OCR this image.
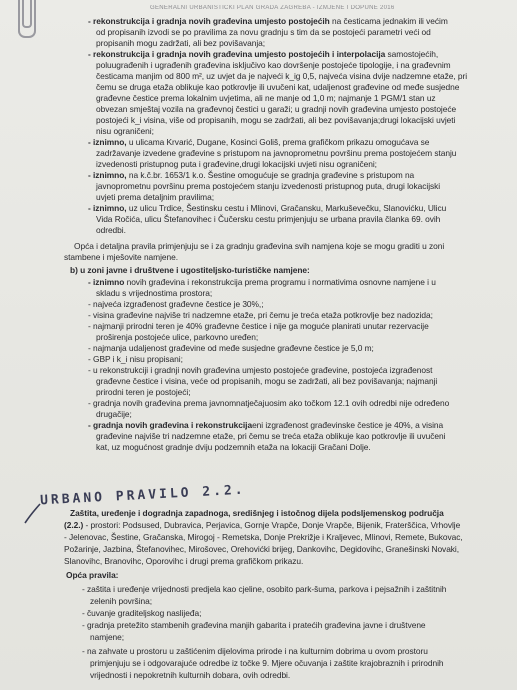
GENERALNI URBANISTIČKI PLAN GRADA ZAGREBA - IZMJENE I DOPUNE 2016
- rekonstrukcija i gradnja novih građevina umjesto postojećih na česticama jednakim ili većim
od propisanih izvodi se po pravilima za novu gradnju s tim da se postojeći parametri veći od
propisanih mogu zadržati, ali bez povišavanja;
- rekonstrukcija i gradnja novih građevina umjesto postojećih i interpolacija samostojećih,
poluugrađenih i ugrađenih građevina isključivo kao dovršenje postojeće tipologije, i na građevnim
česticama manjim od 800 m², uz uvjet da je najveći k_ig 0,5, najveća visina dvije nadzemne etaže, pri
čemu se druga etaža oblikuje kao potkrovlje ili uvučeni kat, udaljenost građevine od međe susjedne
građevne čestice prema lokalnim uvjetima, ali ne manje od 1,0 m; najmanje 1 PGM/1 stan uz
obvezan smještaj vozila na građevnoj čestici u garaži; u gradnji novih građevina umjesto postojeće
postojeći k_i visina, više od propisanih, mogu se zadržati, ali bez povišavanja;drugi lokacijski uvjeti
nisu ograničeni;
- iznimno, u ulicama Krvarić, Dugane, Kosinci Goliš, prema grafičkom prikazu omogućava se
zadržavanje izvedene građevine s pristupom na javnoprometnu površinu prema postojećem stanju
izvedenosti pristupnog puta i građevine,drugi lokacijski uvjeti nisu ograničeni;
- iznimno, na k.č.br. 1653/1 k.o. Šestine omogućuje se gradnja građevine s pristupom na
javnoprometnu površinu prema postojećem stanju izvedenosti pristupnog puta, drugi lokacijski
uvjeti prema detaljnim pravilima;
- iznimno, uz ulicu Trdice, Šestinsku cestu i Mlinovi, Gračansku, Markuševečku, Slanovićku, Ulicu
Vida Ročića, ulicu Štefanovihec i Čučersku cestu primjenjuju se urbana pravila članka 69. ovih
odredbi.
Opća i detaljna pravila primjenjuju se i za gradnju građevina svih namjena koje se mogu graditi u zoni
stambene i mješovite namjene.
b) u zoni javne i društvene i ugostiteljsko-turističke namjene:
- iznimno novih građevina i rekonstrukcija prema programu i normativima osnovne namjene i u
skladu s vrijednostima prostora;
- najveća izgrađenost građevne čestice je 30%,;
- visina građevine najviše tri nadzemne etaže, pri čemu je treća etaža potkrovlje bez nadozida;
- najmanji prirodni teren je 40% građevne čestice i nije ga moguće planirati unutar rezervacije
proširenja postojeće ulice, parkovno uređen;
- najmanja udaljenost građevine od međe susjedne građevne čestice je 5,0 m;
- GBP i k_i nisu propisani;
- u rekonstrukciji i gradnji novih građevina umjesto postojeće građevine, postojeća izgrađenost
građevne čestice i visina, veće od propisanih, mogu se zadržati, ali bez povišavanja; najmanji
prirodni teren je postojeći;
- gradnja novih građevina prema javnomnatječajuosim ako točkom 12.1 ovih odredbi nije određeno
drugačije;
- gradnja novih građevina i rekonstrukcijaeni izgrađenost građevinske čestice je 40%, a visina
građevine najviše tri nadzemne etaže, pri čemu se treća etaža oblikuje kao potkrovlje ili uvučeni
kat, uz mogućnost gradnje dviju podzemnih etaža na lokaciji Gračani Dolje.
Zaštita, uređenje i dogradnja zapadnoga, središnjeg i istočnog dijela podsljemenskog područja
(2.2.) - prostori: Podsused, Dubravica, Perjavica, Gornje Vrapče, Donje Vrapče, Bijenik, Fraterščica, Vrhovlje
- Jelenovac, Šestine, Gračanska, Mirogoj - Remetska, Donje Prekrižje i Kraljevec, Mlinovi, Remete, Bukovac,
Požarinje, Jazbina, Štefanovihec, Mirošovec, Orehovićki brijeg, Dankovihc, Degidovihc, Granešinski Novaki,
Slanovihc, Branovihc, Oporovihc i drugi prema grafičkom prikazu.
Opća pravila:
- zaštita i uređenje vrijednosti predjela kao cjeline, osobito park-šuma, parkova i pejsažnih i zaštitnih
zelenih površina;
- čuvanje graditeljskog naslijeđa;
- gradnja pretežito stambenih građevina manjih gabarita i pratećih građevina javne i društvene
namjene;
- na zahvate u prostoru u zaštićenim dijelovima prirode i na kulturnim dobrima u ovom prostoru
primjenjuju se i odgovarajuće odredbe iz točke 9. Mjere očuvanja i zaštite krajobraznih i prirodnih
vrijednosti i nepokretnih kulturnih dobara, ovih odredbi.
URBANO PRAVILO 2.2.
